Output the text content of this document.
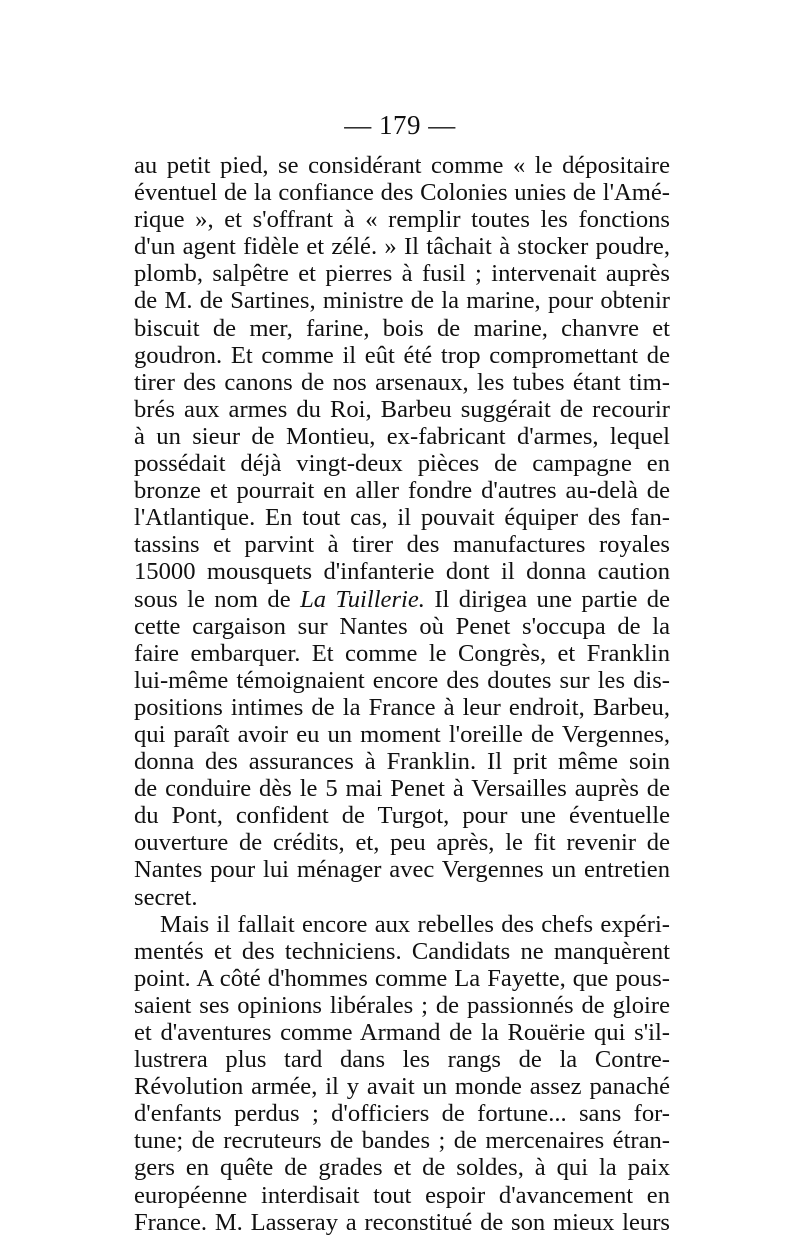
— 179 —
au petit pied, se considérant comme « le dépositaire
éventuel de la confiance des Colonies unies de l'Amé-
rique », et s'offrant à « remplir toutes les fonctions
d'un agent fidèle et zélé. » Il tâchait à stocker poudre,
plomb, salpêtre et pierres à fusil ; intervenait auprès
de M. de Sartines, ministre de la marine, pour obtenir
biscuit de mer, farine, bois de marine, chanvre et
goudron. Et comme il eût été trop compromettant de
tirer des canons de nos arsenaux, les tubes étant tim-
brés aux armes du Roi, Barbeu suggérait de recourir
à un sieur de Montieu, ex-fabricant d'armes, lequel
possédait déjà vingt-deux pièces de campagne en
bronze et pourrait en aller fondre d'autres au-delà de
l'Atlantique. En tout cas, il pouvait équiper des fan-
tassins et parvint à tirer des manufactures royales
15000 mousquets d'infanterie dont il donna caution
sous le nom de La Tuillerie. Il dirigea une partie de
cette cargaison sur Nantes où Penet s'occupa de la
faire embarquer. Et comme le Congrès, et Franklin
lui-même témoignaient encore des doutes sur les dis-
positions intimes de la France à leur endroit, Barbeu,
qui paraît avoir eu un moment l'oreille de Vergennes,
donna des assurances à Franklin. Il prit même soin
de conduire dès le 5 mai Penet à Versailles auprès de
du Pont, confident de Turgot, pour une éventuelle
ouverture de crédits, et, peu après, le fit revenir de
Nantes pour lui ménager avec Vergennes un entretien
secret.
Mais il fallait encore aux rebelles des chefs expéri-
mentés et des techniciens. Candidats ne manquèrent
point. A côté d'hommes comme La Fayette, que pous-
saient ses opinions libérales ; de passionnés de gloire
et d'aventures comme Armand de la Rouërie qui s'il-
lustrera plus tard dans les rangs de la Contre-
Révolution armée, il y avait un monde assez panaché
d'enfants perdus ; d'officiers de fortune... sans for-
tune; de recruteurs de bandes ; de mercenaires étran-
gers en quête de grades et de soldes, à qui la paix
européenne interdisait tout espoir d'avancement en
France. M. Lasseray a reconstitué de son mieux leurs
